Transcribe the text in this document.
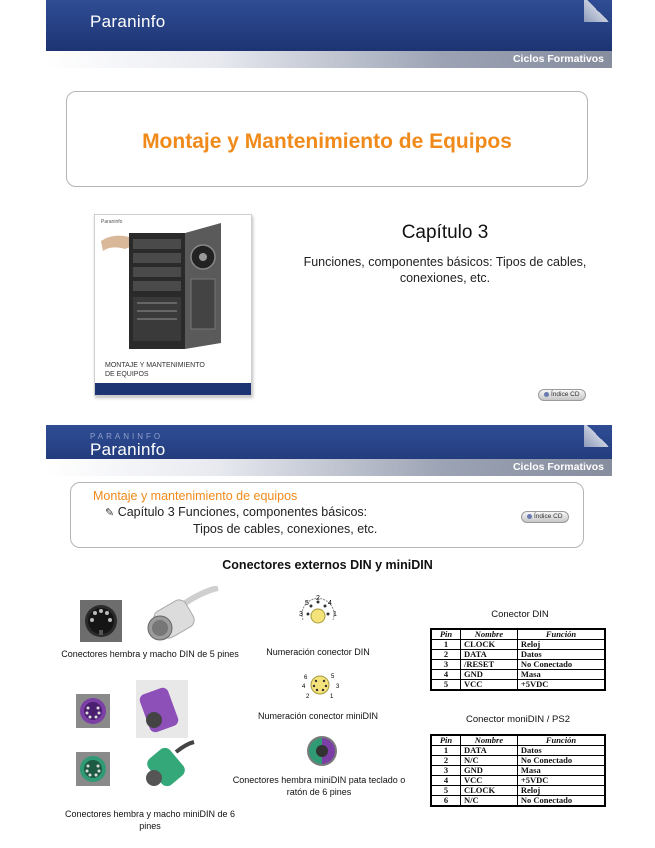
Paraninfo
Ciclos Formativos
Montaje y Mantenimiento de Equipos
Paraninfo
MONTAJE Y MANTENIMIENTO
DE EQUIPOS
Capítulo 3
Funciones, componentes básicos: Tipos de cables, conexiones, etc.
Índice CD
PARANINFO
Paraninfo
Ciclos Formativos
Montaje y mantenimiento de equipos
✎ Capítulo 3 Funciones, componentes básicos:
Tipos de cables, conexiones, etc.
Índice CD
Conectores externos DIN y miniDIN
Conectores hembra y macho DIN de 5 pines
Conectores hembra y macho miniDIN de 6 pines
3	1
5	4
2
Numeración conector DIN
6	5
4	3
2	1
Numeración conector miniDIN
Conectores hembra miniDIN pata teclado o ratón de 6 pines
Conector DIN
Pin	Nombre	Función
1	CLOCK	Reloj
2	DATA	Datos
3	/RESET	No Conectado
4	GND	Masa
5	VCC	+5VDC
Conector moniDIN / PS2
Pin	Nombre	Función
1	DATA	Datos
2	N/C	No Conectado
3	GND	Masa
4	VCC	+5VDC
5	CLOCK	Reloj
6	N/C	No Conectado
